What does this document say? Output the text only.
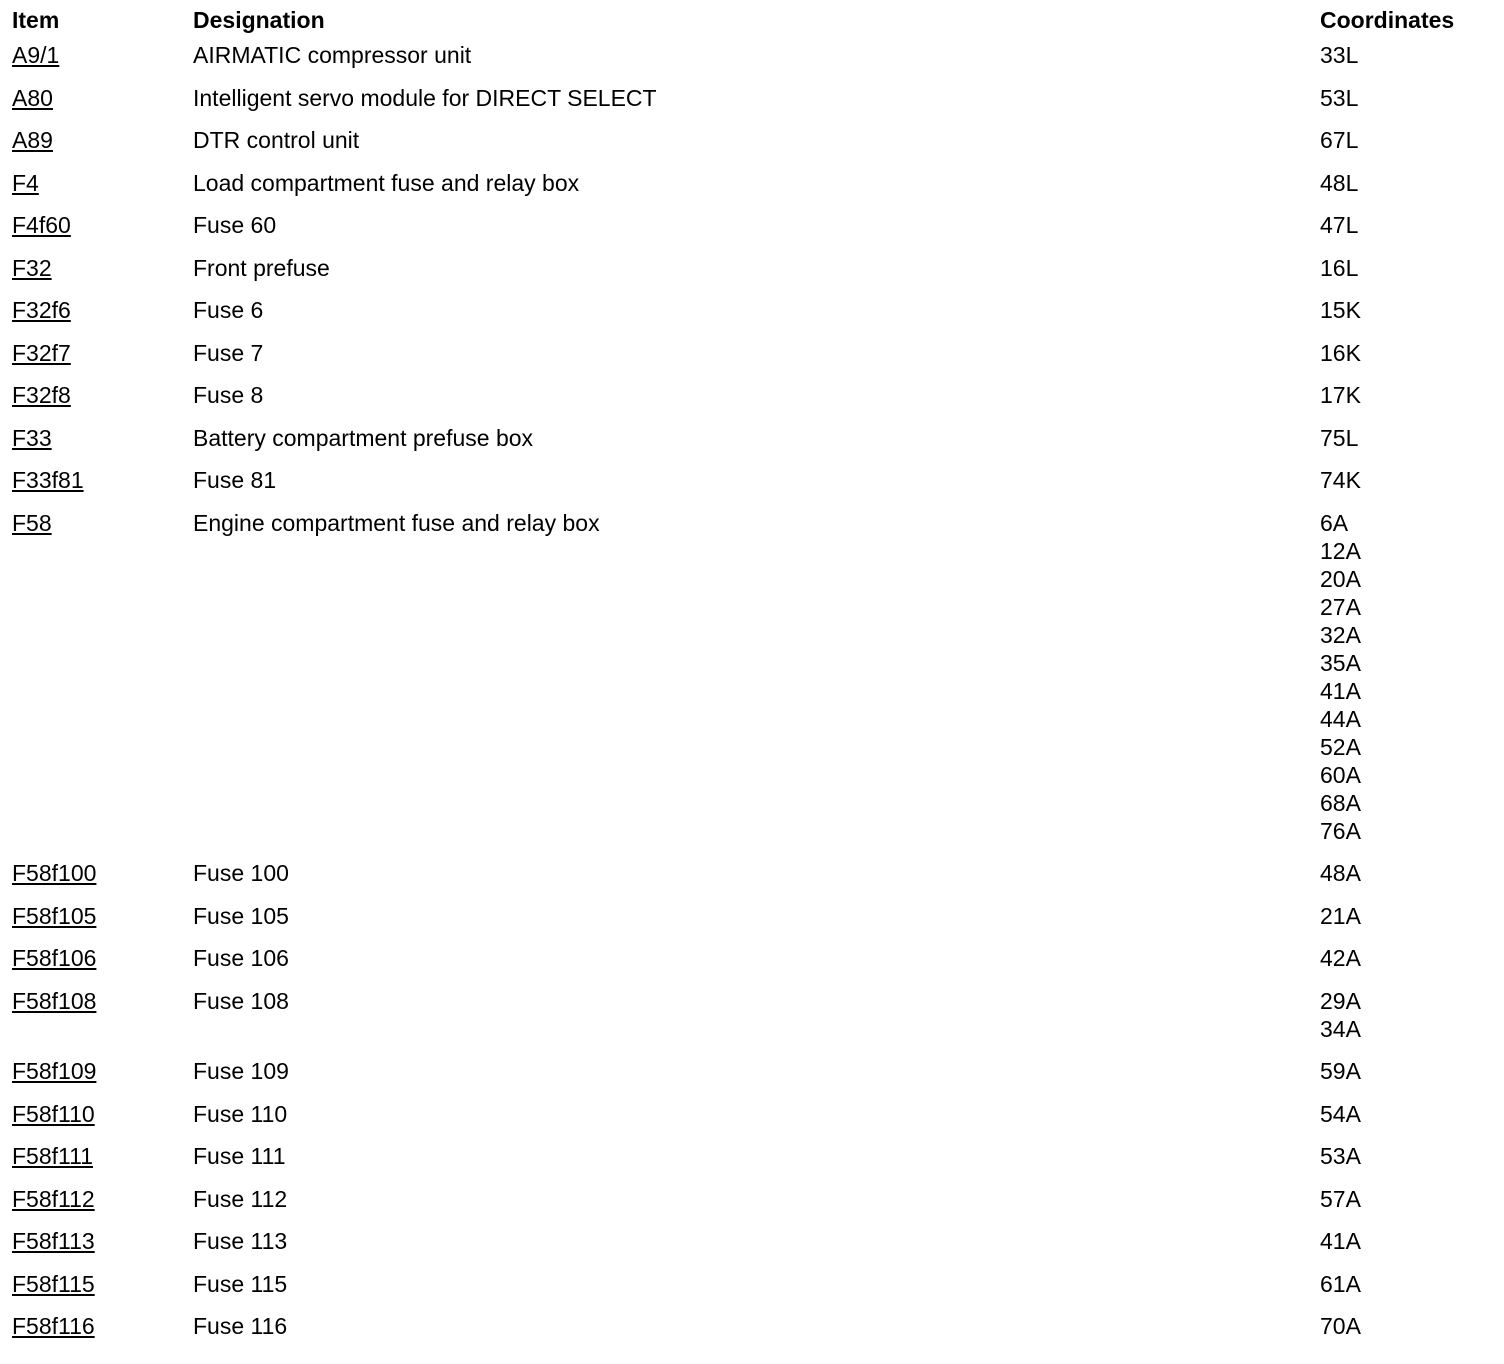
Item	Designation	Coordinates
A9/1	AIRMATIC compressor unit	33L
A80	Intelligent servo module for DIRECT SELECT	53L
A89	DTR control unit	67L
F4	Load compartment fuse and relay box	48L
F4f60	Fuse 60	47L
F32	Front prefuse	16L
F32f6	Fuse 6	15K
F32f7	Fuse 7	16K
F32f8	Fuse 8	17K
F33	Battery compartment prefuse box	75L
F33f81	Fuse 81	74K
F58	Engine compartment fuse and relay box	6A
12A
20A
27A
32A
35A
41A
44A
52A
60A
68A
76A
F58f100	Fuse 100	48A
F58f105	Fuse 105	21A
F58f106	Fuse 106	42A
F58f108	Fuse 108	29A
34A
F58f109	Fuse 109	59A
F58f110	Fuse 110	54A
F58f111	Fuse 111	53A
F58f112	Fuse 112	57A
F58f113	Fuse 113	41A
F58f115	Fuse 115	61A
F58f116	Fuse 116	70A
